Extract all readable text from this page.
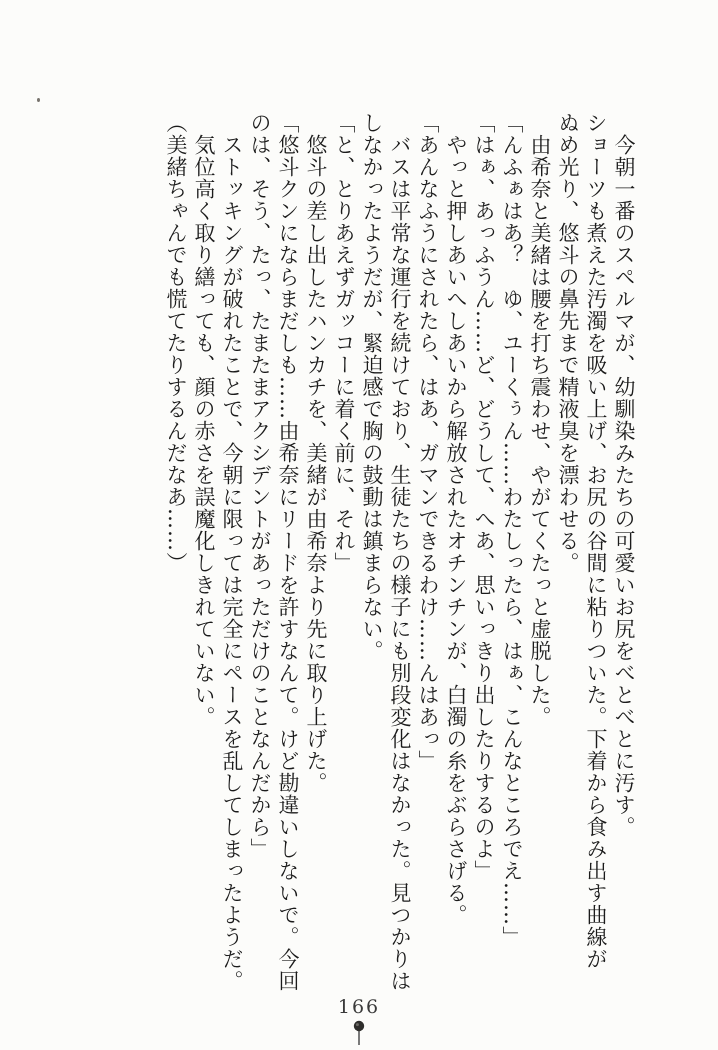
今朝一番のスペルマが、幼馴染みたちの可愛いお尻をべとべとに汚す。

ショーツも煮えた汚濁を吸い上げ、お尻の谷間に粘りついた。下着から食み出す曲線が

ぬめ光り、悠斗の鼻先まで精液臭を漂わせる。

由希奈と美緒は腰を打ち震わせ、やがてくたっと虚脱した。

「んふぁはあ？　ゆ、ユーくぅん……わたしったら、はぁ、こんなところでえ……」

「はぁ、あっふうん……ど、どうして、へあ、思いっきり出したりするのよ」

やっと押しあいへしあいから解放されたオチンチンが、白濁の糸をぶらさげる。

「あんなふうにされたら、はあ、ガマンできるわけ……んはあっ」

バスは平常な運行を続けており、生徒たちの様子にも別段変化はなかった。見つかりは

しなかったようだが、緊迫感で胸の鼓動は鎮まらない。

「と、とりあえずガッコーに着く前に、それ」

悠斗の差し出したハンカチを、美緒が由希奈より先に取り上げた。

「悠斗クンにならまだしも……由希奈にリードを許すなんて。けど勘違いしないで。今回

のは、そう、たっ、たまたまアクシデントがあっただけのことなんだから」

ストッキングが破れたことで、今朝に限っては完全にペースを乱してしまったようだ。

気位高く取り繕っても、顔の赤さを誤魔化しきれていない。

（美緒ちゃんでも慌てたりするんだなあ……）

166
